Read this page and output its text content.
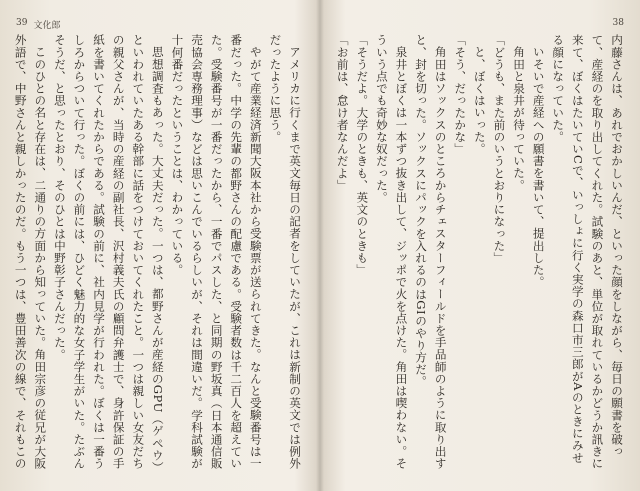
39 文化郎

アメリカに行くまで英文毎日の記者をしていたが、これは新制の英文では例外だったように思う。

やがて産業経済新聞大阪本社から受験票が送られてきた。なんと受験番号は一番だった。中学の先輩の都野さんの配慮である。受験者数は千二百人を超えていた。受験番号が一番だったから、一番でパスした、と同期の野坂真（日本通信販売協会専務理事）などは思いこんでいるらしいが、それは間違いだ。学科試験が十何番だったということは、わかっている。

思想調査もあった。大丈夫だった。一つは、都野さんが産経のGPU（ゲペウ）といわれていたある幹部に話をつけておいてくれたこと。一つは親しい女友だちの親父さんが、当時の産経の副社長、沢村義夫氏の顧問弁護士で、身許保証の手紙を書いてくれたからである。試験の前に、社内見学が行われた。ぼくは一番うしろからついて行った。ぼくの前には、ひどく魅力的な女子学生がいた。たぶんそうだ、と思ったとおり、そのひとは中野彰子さんだった。

このひとの名と存在は、二通りの方面から知っていた。角田宗彦の従兄が大阪外語で、中野さんと親しかったのだ。もう一つは、豊田善次の線で、それもこの

38

内藤さんは、あれでおかしいんだ、といった顔をしながら、毎日の願書を破って、産経のを取り出してくれた。試験のあと、単位が取れているかどうか訊きに来て、ぼくはたいていCで、いっしょに行く実学の森口市三郎がAのときにみせる顔になっていた。

いそいで産経への願書を書いて、提出した。

角田と泉井が待っていた。

「どうも、また前のいうとおりになった」

と、ぼくはいった。

「そう、だったかな」

角田はソックスのところからチェスターフィールドを手品師のように取り出すと、封を切った。ソックスにパックを入れるのはGIのやり方だ。

泉井とぼくは一本ずつ抜き出して、ジッポで火を点けた。角田は喫わない。そういう点でも奇妙な奴だった。

「そうだよ。大学のときも、英文のときも」

「お前は、怠け者なんだよ」
